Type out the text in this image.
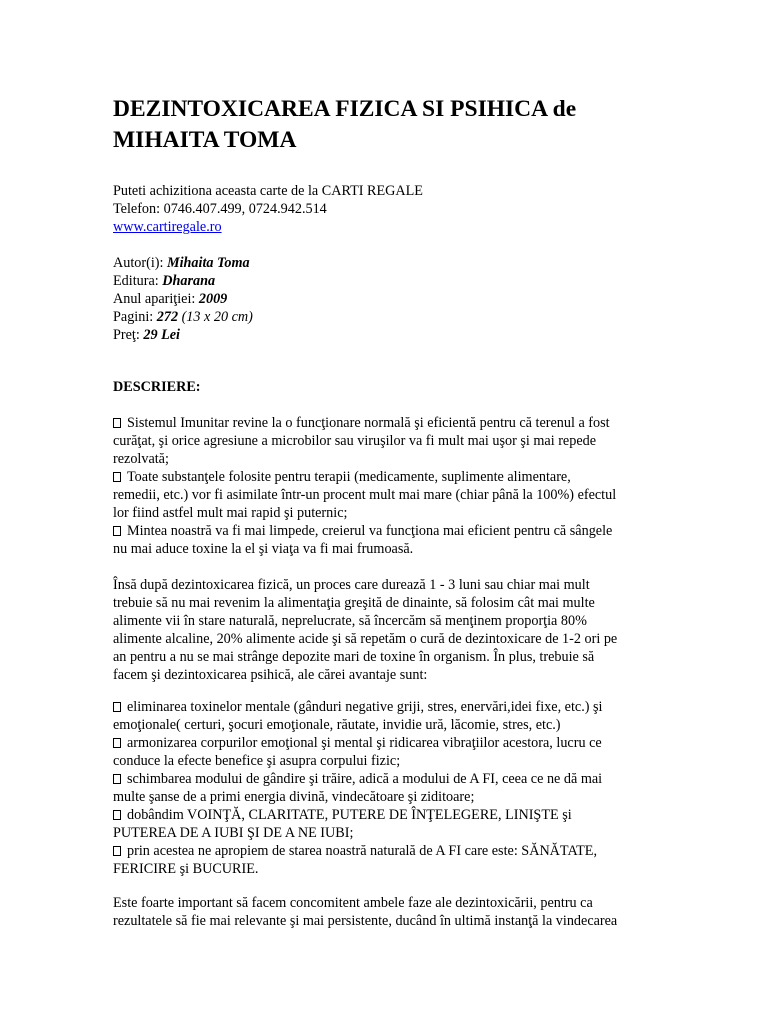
DEZINTOXICAREA FIZICA SI PSIHICA de
MIHAITA TOMA
Puteti achizitiona aceasta carte de la CARTI REGALE
Telefon: 0746.407.499, 0724.942.514
www.cartiregale.ro
Autor(i): Mihaita Toma
Editura: Dharana
Anul apariţiei: 2009
Pagini: 272 (13 x 20 cm)
Preţ: 29 Lei
DESCRIERE:
Sistemul Imunitar revine la o funcţionare normală şi eficientă pentru că terenul a fost
curăţat, şi orice agresiune a microbilor sau viruşilor va fi mult mai uşor şi mai repede
rezolvată;
Toate substanţele folosite pentru terapii (medicamente, suplimente alimentare,
remedii, etc.) vor fi asimilate într-un procent mult mai mare (chiar până la 100%) efectul
lor fiind astfel mult mai rapid şi puternic;
Mintea noastră va fi mai limpede, creierul va funcţiona mai eficient pentru că sângele
nu mai aduce toxine la el şi viaţa va fi mai frumoasă.
Însă după dezintoxicarea fizică, un proces care durează 1 - 3 luni sau chiar mai mult
trebuie să nu mai revenim la alimentaţia greşită de dinainte, să folosim cât mai multe
alimente vii în stare naturală, neprelucrate, să încercăm să menţinem proporţia 80%
alimente alcaline, 20% alimente acide şi să repetăm o cură de dezintoxicare de 1-2 ori pe
an pentru a nu se mai strânge depozite mari de toxine în organism. În plus, trebuie să
facem şi dezintoxicarea psihică, ale cărei avantaje sunt:
eliminarea toxinelor mentale (gânduri negative griji, stres, enervări,idei fixe, etc.) şi
emoţionale( certuri, şocuri emoţionale, răutate, invidie ură, lăcomie, stres, etc.)
armonizarea corpurilor emoţional şi mental şi ridicarea vibraţiilor acestora, lucru ce
conduce la efecte benefice şi asupra corpului fizic;
schimbarea modului de gândire şi trăire, adică a modului de A FI, ceea ce ne dă mai
multe şanse de a primi energia divină, vindecătoare şi ziditoare;
dobândim VOINŢĂ, CLARITATE, PUTERE DE ÎNŢELEGERE, LINIŞTE şi
PUTEREA DE A IUBI ŞI DE A NE IUBI;
prin acestea ne apropiem de starea noastră naturală de A FI care este: SĂNĂTATE,
FERICIRE şi BUCURIE.
Este foarte important să facem concomitent ambele faze ale dezintoxicării, pentru ca
rezultatele să fie mai relevante şi mai persistente, ducând în ultimă instanţă la vindecarea
